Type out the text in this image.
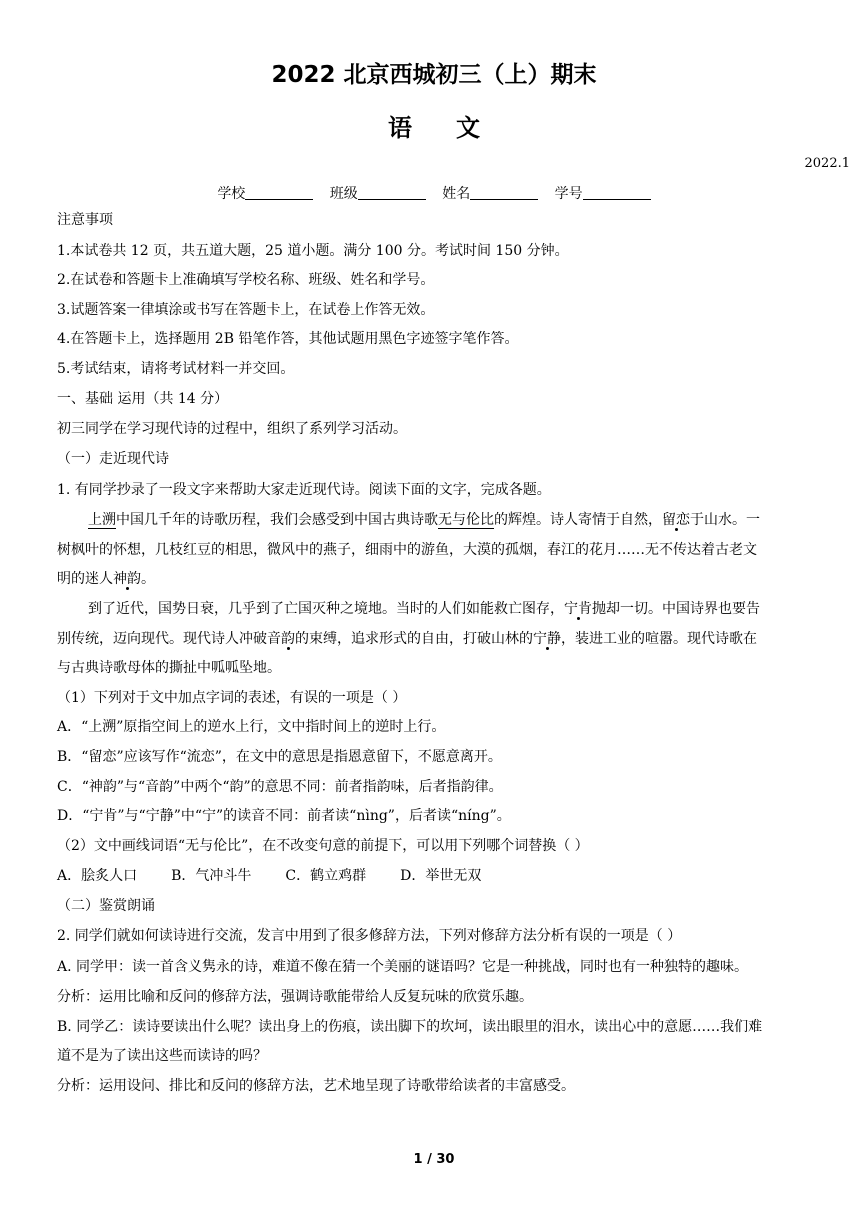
2022 北京西城初三（上）期末
语文
2022.1
学校	班级	姓名	学号
注意事项
1.本试卷共 12 页，共五道大题，25 道小题。满分 100 分。考试时间 150 分钟。
2.在试卷和答题卡上准确填写学校名称、班级、姓名和学号。
3.试题答案一律填涂或书写在答题卡上，在试卷上作答无效。
4.在答题卡上，选择题用 2B 铅笔作答，其他试题用黑色字迹签字笔作答。
5.考试结束，请将考试材料一并交回。
一、基础 运用（共 14 分）
初三同学在学习现代诗的过程中，组织了系列学习活动。
（一）走近现代诗
1. 有同学抄录了一段文字来帮助大家走近现代诗。阅读下面的文字，完成各题。
上溯中国几千年的诗歌历程，我们会感受到中国古典诗歌无与伦比的辉煌。诗人寄情于自然，留恋于山水。一
树枫叶的怀想，几枝红豆的相思，微风中的燕子，细雨中的游鱼，大漠的孤烟，春江的花月……无不传达着古老文
明的迷人神韵。
到了近代，国势日衰，几乎到了亡国灭种之境地。当时的人们如能救亡图存，宁肯抛却一切。中国诗界也要告
别传统，迈向现代。现代诗人冲破音韵的束缚，追求形式的自由，打破山林的宁静，装进工业的喧嚣。现代诗歌在
与古典诗歌母体的撕扯中呱呱坠地。
（1）下列对于文中加点字词的表述，有误的一项是（ ）
A．“上溯”原指空间上的逆水上行，文中指时间上的逆时上行。
B．“留恋”应该写作“流恋”，在文中的意思是指恩意留下，不愿意离开。
C．“神韵”与“音韵”中两个“韵”的意思不同：前者指韵味，后者指韵律。
D．“宁肯”与“宁静”中“宁”的读音不同：前者读“nìng”，后者读“níng”。
（2）文中画线词语“无与伦比”，在不改变句意的前提下，可以用下列哪个词替换（ ）
A．脍炙人口 B．气冲斗牛 C．鹤立鸡群 D．举世无双
（二）鉴赏朗诵
2. 同学们就如何读诗进行交流，发言中用到了很多修辞方法，下列对修辞方法分析有误的一项是（ ）
A. 同学甲：读一首含义隽永的诗，难道不像在猜一个美丽的谜语吗？它是一种挑战，同时也有一种独特的趣味。
分析：运用比喻和反问的修辞方法，强调诗歌能带给人反复玩味的欣赏乐趣。
B. 同学乙：读诗要读出什么呢？读出身上的伤痕，读出脚下的坎坷，读出眼里的泪水，读出心中的意愿……我们难
道不是为了读出这些而读诗的吗？
分析：运用设问、排比和反问的修辞方法，艺术地呈现了诗歌带给读者的丰富感受。
1 / 30
